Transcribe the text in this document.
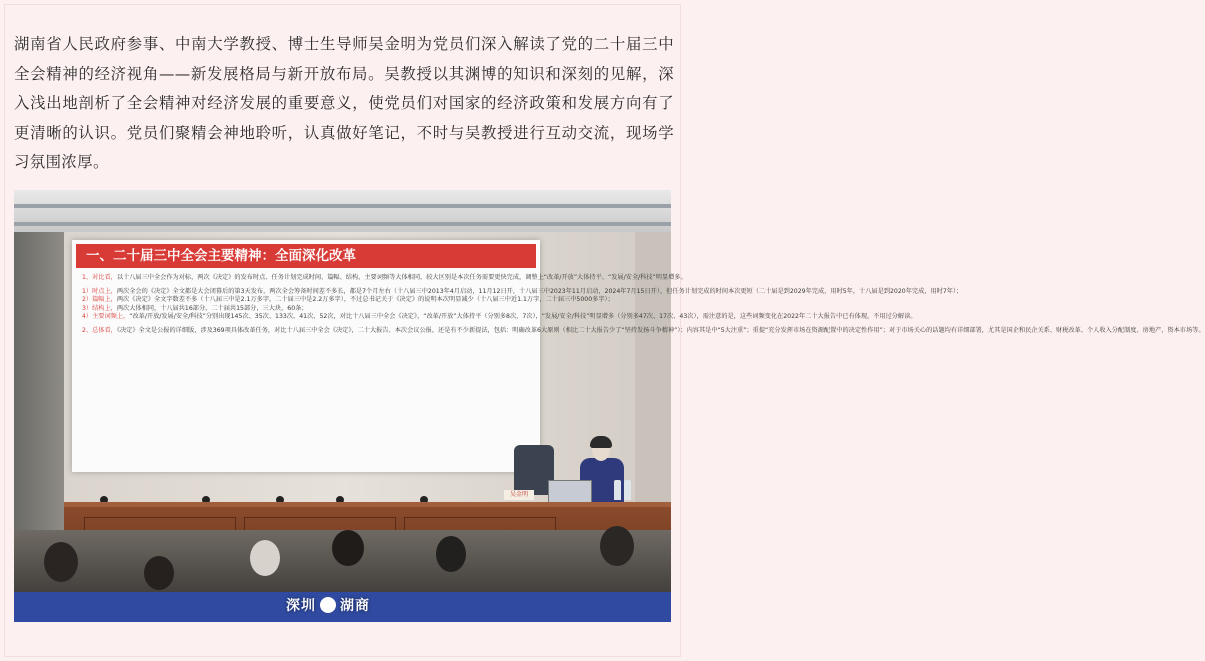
湖南省人民政府参事、中南大学教授、博士生导师吴金明为党员们深入解读了党的二十届三中全会精神的经济视角——新发展格局与新开放布局。吴教授以其渊博的知识和深刻的见解，深入浅出地剖析了全会精神对经济发展的重要意义，使党员们对国家的经济政策和发展方向有了更清晰的认识。党员们聚精会神地聆听，认真做好笔记，不时与吴教授进行互动交流，现场学习氛围浓厚。

一、二十届三中全会主要精神：全面深化改革
1、对比看，以十八届三中全会作为对标，两次《决定》的发布时点、任务计划完成时间、篇幅、结构、主要词频等大体相同，较大区别是本次任务需要更快完成，调整上“改革/开放”大体持平、“发展/安全/科技”明显增多。
1）时点上，两次全会的《决定》全文都是大会闭幕后的第3天发布，两次全会筹备时间差不多长，都是7个月左右（十八届三中2013年4月启动，11月12日开，十八届三中2023年11月启动，2024年7月15日开），但任务计划完成的时间本次更短（二十届是到2029年完成，用时5年，十八届是到2020年完成，用时7年）；
2）篇幅上，两次《决定》全文字数差不多（十八届三中是2.1万多字，二十届三中是2.2万多字），不过总书记关于《决定》的说明本次明显减少（十八届三中近1.1万字，二十届三中5000多字）；
3）结构上，两次大体相同，十八届共16部分，二十届共15部分，三大块，60条；
4）主要词频上，“改革/开放/发展/安全/科技”分别出现145次、35次、133次、41次、52次，对比十八届三中全会《决定》，“改革/开放”大体持平（分别多8次，7次），“发展/安全/科技”明显增多（分别多47次、17次、43次），需注意的是，这些词频变化在2022年二十大报告中已有体现，不用过分解读。
2、总体看，《决定》全文是公报的详细版，涉及369项具体改革任务，对比十八届三中全会《决定》，二十大报告、本次会议公报，还是有不少新提法，包括：明确改革6大原则（相比二十大报告少了“坚持发扬斗争精神”）；内容其是中“5大注重”；重提“充分发挥市场在资源配置中的决定性作用”；对于市场关心的话题均有详细部署，尤其是国企和民企关系、财税改革、个人收入分配制度、房地产、资本市场等。
吴金明
深圳 湖商
